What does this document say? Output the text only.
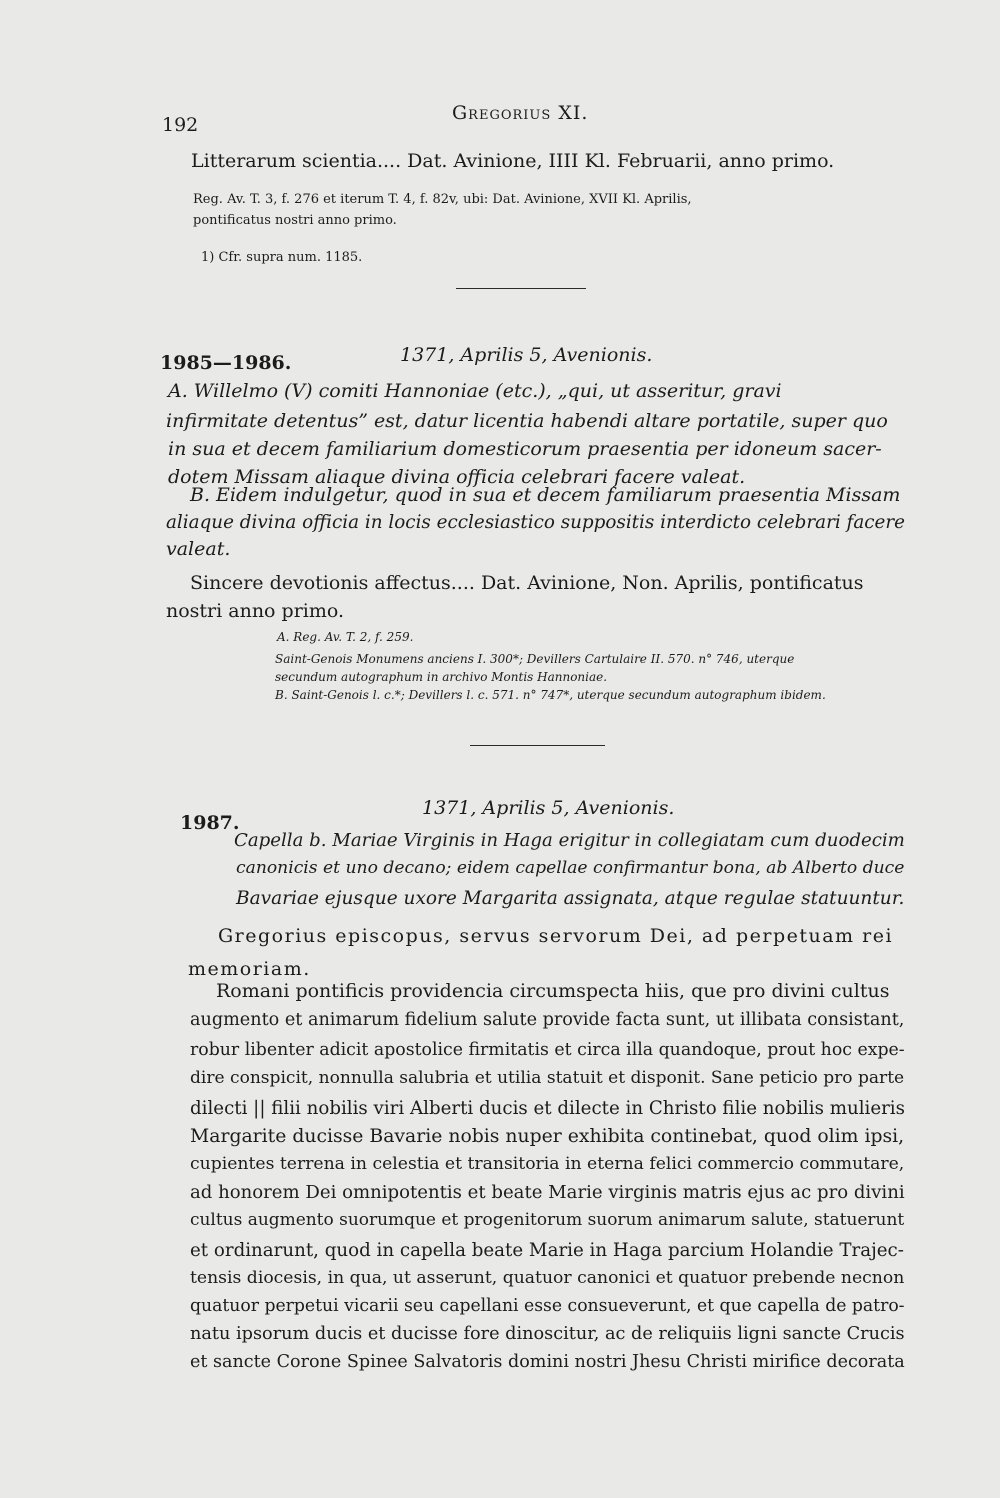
192
Gregorius XI.
Litterarum scientia.... Dat. Avinione, IIII Kl. Februarii, anno primo.
Reg. Av. T. 3, f. 276 et iterum T. 4, f. 82v, ubi: Dat. Avinione, XVII Kl. Aprilis,
pontificatus nostri anno primo.
1) Cfr. supra num. 1185.
1985—1986.	1371, Aprilis 5, Avenionis.
A. Willelmo (V) comiti Hannoniae (etc.), „qui, ut asseritur, gravi
infirmitate detentus” est, datur licentia habendi altare portatile, super quo
in sua et decem familiarium domesticorum praesentia per idoneum sacer-
dotem Missam aliaque divina officia celebrari facere valeat.
B. Eidem indulgetur, quod in sua et decem familiarum praesentia Missam
aliaque divina officia in locis ecclesiastico suppositis interdicto celebrari facere
valeat.
Sincere devotionis affectus.... Dat. Avinione, Non. Aprilis, pontificatus
nostri anno primo.
A. Reg. Av. T. 2, f. 259.
Saint-Genois Monumens anciens I. 300*; Devillers Cartulaire II. 570. n° 746, uterque
secundum autographum in archivo Montis Hannoniae.
B. Saint-Genois l. c.*; Devillers l. c. 571. n° 747*, uterque secundum autographum ibidem.
1987.
1371, Aprilis 5, Avenionis.
Capella b. Mariae Virginis in Haga erigitur in collegiatam cum duodecim
canonicis et uno decano; eidem capellae confirmantur bona, ab Alberto duce
Bavariae ejusque uxore Margarita assignata, atque regulae statuuntur.
Gregorius episcopus, servus servorum Dei, ad perpetuam rei
memoriam.
Romani pontificis providencia circumspecta hiis, que pro divini cultus
augmento et animarum fidelium salute provide facta sunt, ut illibata consistant,
robur libenter adicit apostolice firmitatis et circa illa quandoque, prout hoc expe-
dire conspicit, nonnulla salubria et utilia statuit et disponit. Sane peticio pro parte
dilecti || filii nobilis viri Alberti ducis et dilecte in Christo filie nobilis mulieris
Margarite ducisse Bavarie nobis nuper exhibita continebat, quod olim ipsi,
cupientes terrena in celestia et transitoria in eterna felici commercio commutare,
ad honorem Dei omnipotentis et beate Marie virginis matris ejus ac pro divini
cultus augmento suorumque et progenitorum suorum animarum salute, statuerunt
et ordinarunt, quod in capella beate Marie in Haga parcium Holandie Trajec-
tensis diocesis, in qua, ut asserunt, quatuor canonici et quatuor prebende necnon
quatuor perpetui vicarii seu capellani esse consueverunt, et que capella de patro-
natu ipsorum ducis et ducisse fore dinoscitur, ac de reliquiis ligni sancte Crucis
et sancte Corone Spinee Salvatoris domini nostri Jhesu Christi mirifice decorata
